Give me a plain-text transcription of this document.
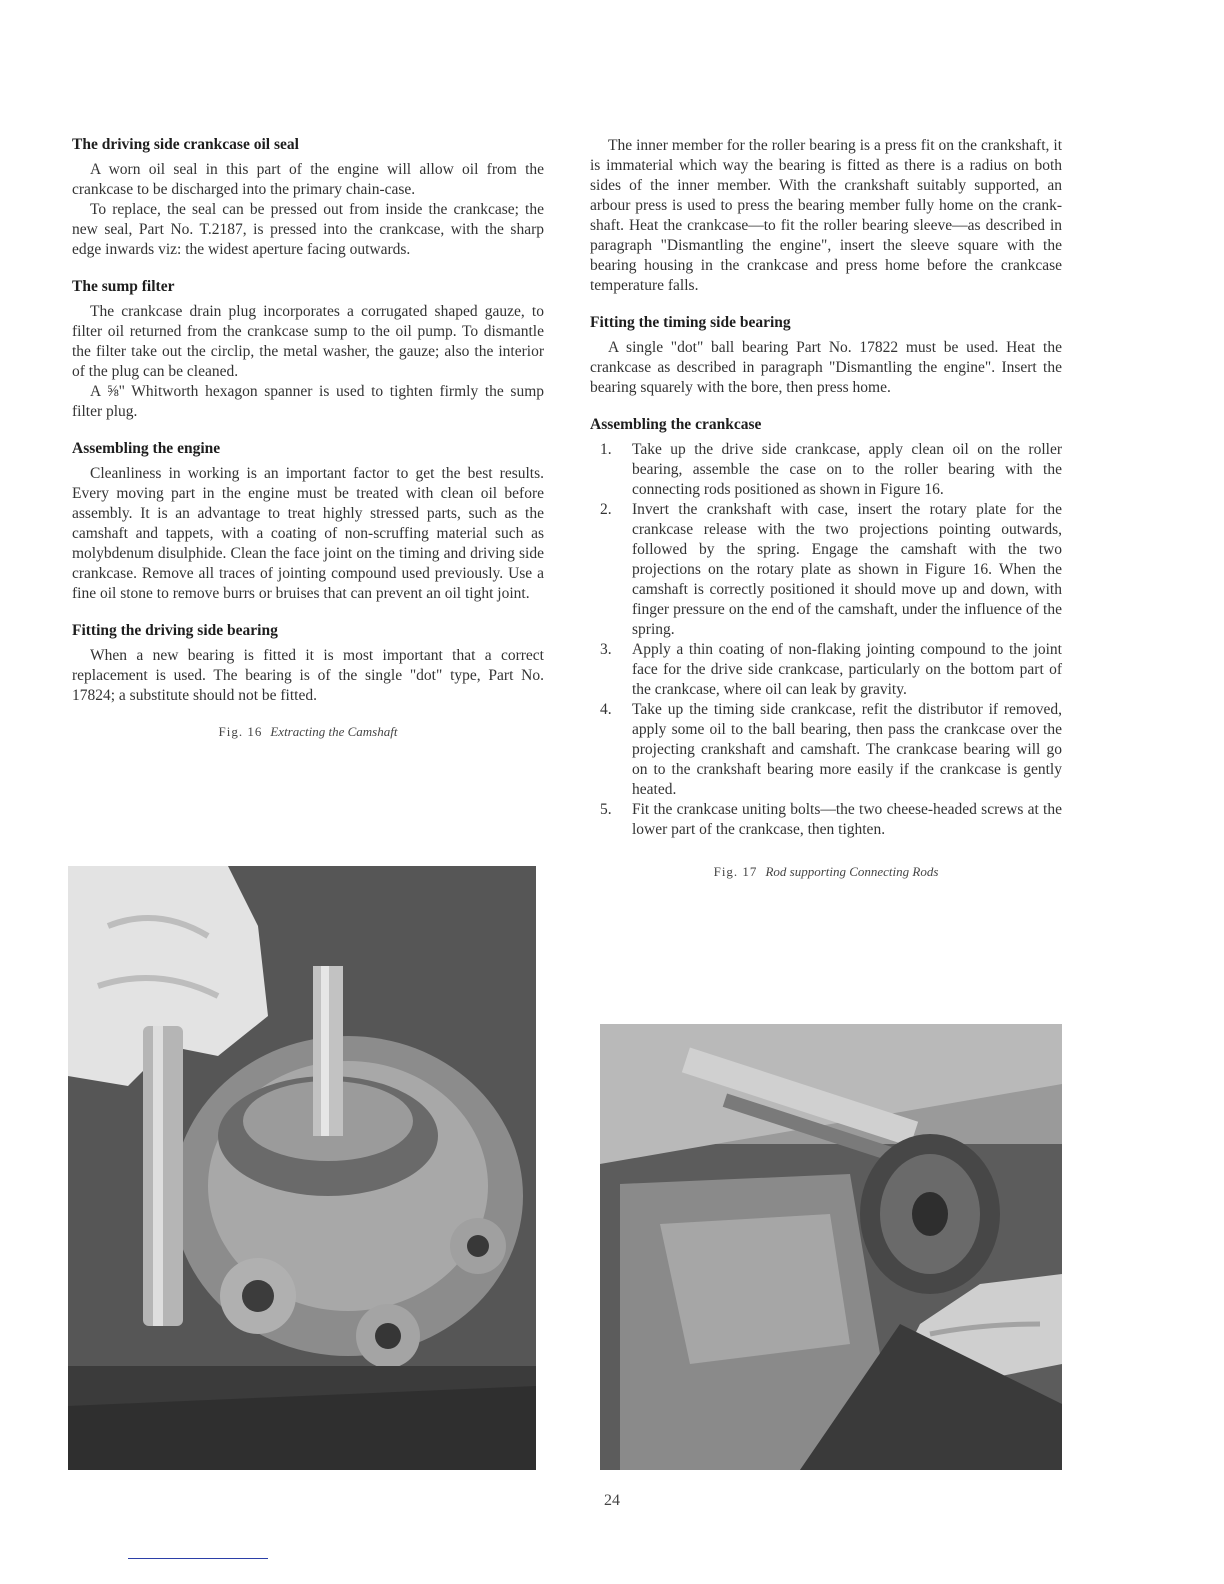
The driving side crankcase oil seal

A worn oil seal in this part of the engine will allow oil from the crankcase to be discharged into the primary chain-case.

To replace, the seal can be pressed out from inside the crankcase; the new seal, Part No. T.2187, is pressed into the crankcase, with the sharp edge inwards viz: the widest aperture facing outwards.

The sump filter

The crankcase drain plug incorporates a corrugated shaped gauze, to filter oil returned from the crankcase sump to the oil pump. To dismantle the filter take out the circlip, the metal washer, the gauze; also the interior of the plug can be cleaned.

A ⅝" Whitworth hexagon spanner is used to tighten firmly the sump filter plug.

Assembling the engine

Cleanliness in working is an important factor to get the best results. Every moving part in the engine must be treated with clean oil before assembly. It is an advantage to treat highly stressed parts, such as the camshaft and tappets, with a coating of non-scruffing material such as molybdenum disulphide. Clean the face joint on the timing and driving side crankcase. Remove all traces of jointing compound used previously. Use a fine oil stone to remove burrs or bruises that can prevent an oil tight joint.

Fitting the driving side bearing

When a new bearing is fitted it is most important that a correct replacement is used. The bearing is of the single "dot" type, Part No. 17824; a substitute should not be fitted.

Fig. 16 Extracting the Camshaft

The inner member for the roller bearing is a press fit on the crankshaft, it is immaterial which way the bearing is fitted as there is a radius on both sides of the inner member. With the crankshaft suitably supported, an arbour press is used to press the bearing member fully home on the crank-shaft. Heat the crankcase—to fit the roller bearing sleeve—as described in paragraph "Dismantling the engine", insert the sleeve square with the bearing housing in the crankcase and press home before the crankcase temperature falls.

Fitting the timing side bearing

A single "dot" ball bearing Part No. 17822 must be used. Heat the crankcase as described in paragraph "Dismantling the engine". Insert the bearing squarely with the bore, then press home.

Assembling the crankcase
1. Take up the drive side crankcase, apply clean oil on the roller bearing, assemble the case on to the roller bearing with the connecting rods positioned as shown in Figure 16.
2. Invert the crankshaft with case, insert the rotary plate for the crankcase release with the two projections pointing outwards, followed by the spring. Engage the camshaft with the two projections on the rotary plate as shown in Figure 16. When the camshaft is correctly positioned it should move up and down, with finger pressure on the end of the camshaft, under the influence of the spring.
3. Apply a thin coating of non-flaking jointing compound to the joint face for the drive side crankcase, particularly on the bottom part of the crankcase, where oil can leak by gravity.
4. Take up the timing side crankcase, refit the distributor if removed, apply some oil to the ball bearing, then pass the crankcase over the projecting crankshaft and camshaft. The crankcase bearing will go on to the crankshaft bearing more easily if the crankcase is gently heated.
5. Fit the crankcase uniting bolts—the two cheese-headed screws at the lower part of the crankcase, then tighten.
Fig. 17 Rod supporting Connecting Rods
24
